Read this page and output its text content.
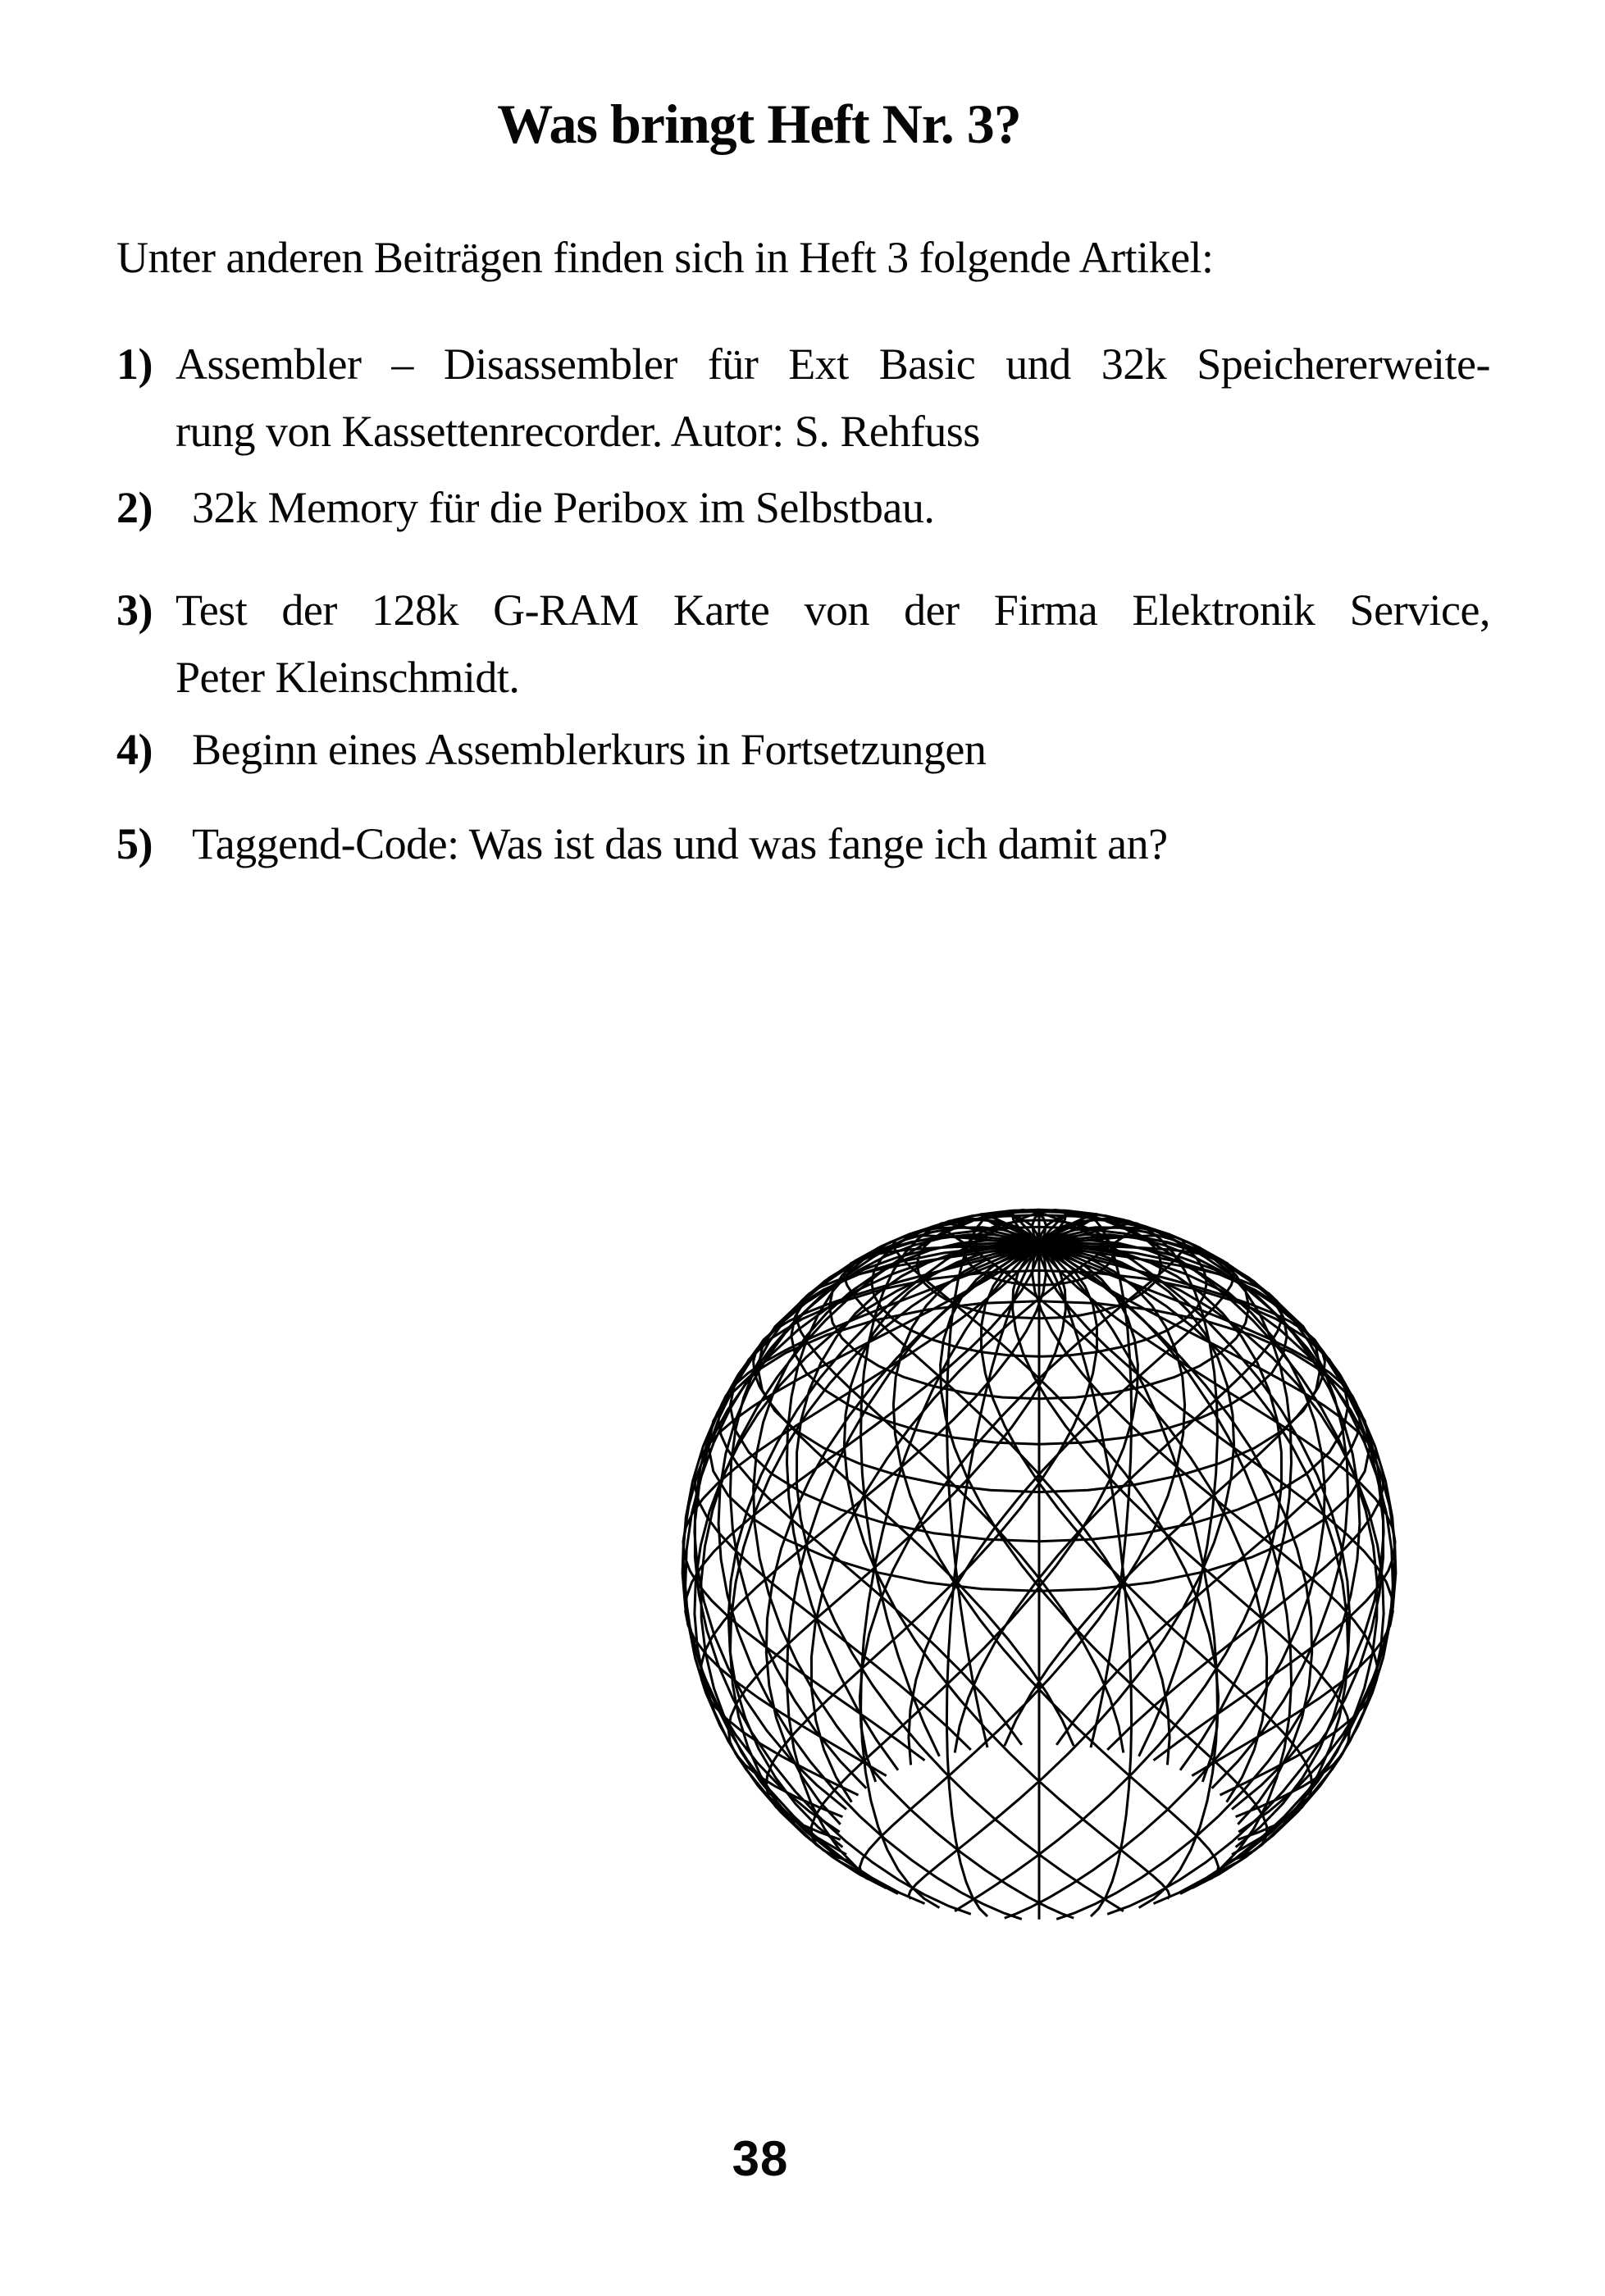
Was bringt Heft Nr. 3?
Unter anderen Beiträgen finden sich in Heft 3 folgende Artikel:
1) Assembler – Disassembler für Ext Basic und 32k Speichererweite-
rung von Kassettenrecorder. Autor: S. Rehfuss
2) 32k Memory für die Peribox im Selbstbau.
3) Test der 128k G-RAM Karte von der Firma Elektronik Service,
Peter Kleinschmidt.
4) Beginn eines Assemblerkurs in Fortsetzungen
5) Taggend-Code: Was ist das und was fange ich damit an?
38
